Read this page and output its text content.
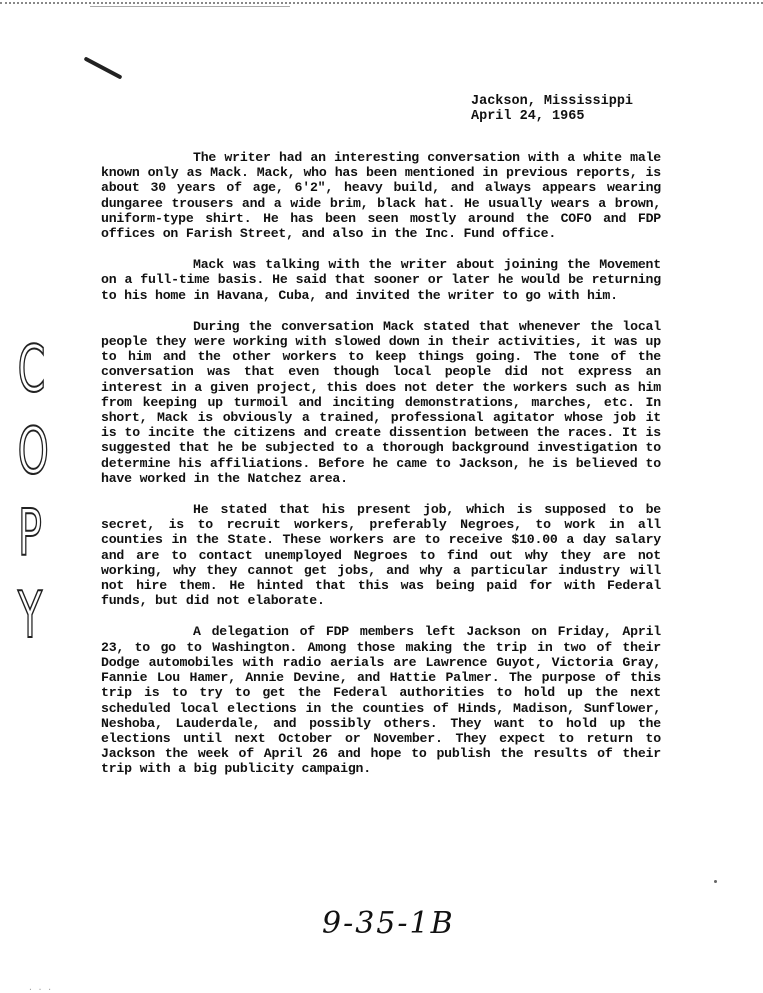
Jackson, Mississippi
April 24, 1965
C
O
P
Y

The writer had an interesting conversation with a white male known only as Mack. Mack, who has been mentioned in previous reports, is about 30 years of age, 6'2", heavy build, and always appears wearing dungaree trousers and a wide brim, black hat. He usually wears a brown, uniform-type shirt. He has been seen mostly around the COFO and FDP offices on Farish Street, and also in the Inc. Fund office.

Mack was talking with the writer about joining the Movement on a full-time basis. He said that sooner or later he would be returning to his home in Havana, Cuba, and invited the writer to go with him.

During the conversation Mack stated that whenever the local people they were working with slowed down in their activities, it was up to him and the other workers to keep things going. The tone of the conversation was that even though local people did not express an interest in a given project, this does not deter the workers such as him from keeping up turmoil and inciting demonstrations, marches, etc. In short, Mack is obviously a trained, professional agitator whose job it is to incite the citizens and create dissention between the races. It is suggested that he be subjected to a thorough background investigation to determine his affiliations. Before he came to Jackson, he is believed to have worked in the Natchez area.

He stated that his present job, which is supposed to be secret, is to recruit workers, preferably Negroes, to work in all counties in the State. These workers are to receive $10.00 a day salary and are to contact unemployed Negroes to find out why they are not working, why they cannot get jobs, and why a particular industry will not hire them. He hinted that this was being paid for with Federal funds, but did not elaborate.

A delegation of FDP members left Jackson on Friday, April 23, to go to Washington. Among those making the trip in two of their Dodge automobiles with radio aerials are Lawrence Guyot, Victoria Gray, Fannie Lou Hamer, Annie Devine, and Hattie Palmer. The purpose of this trip is to try to get the Federal authorities to hold up the next scheduled local elections in the counties of Hinds, Madison, Sunflower, Neshoba, Lauderdale, and possibly others. They want to hold up the elections until next October or November. They expect to return to Jackson the week of April 26 and hope to publish the results of their trip with a big publicity campaign.

9-35-1B
. . .
